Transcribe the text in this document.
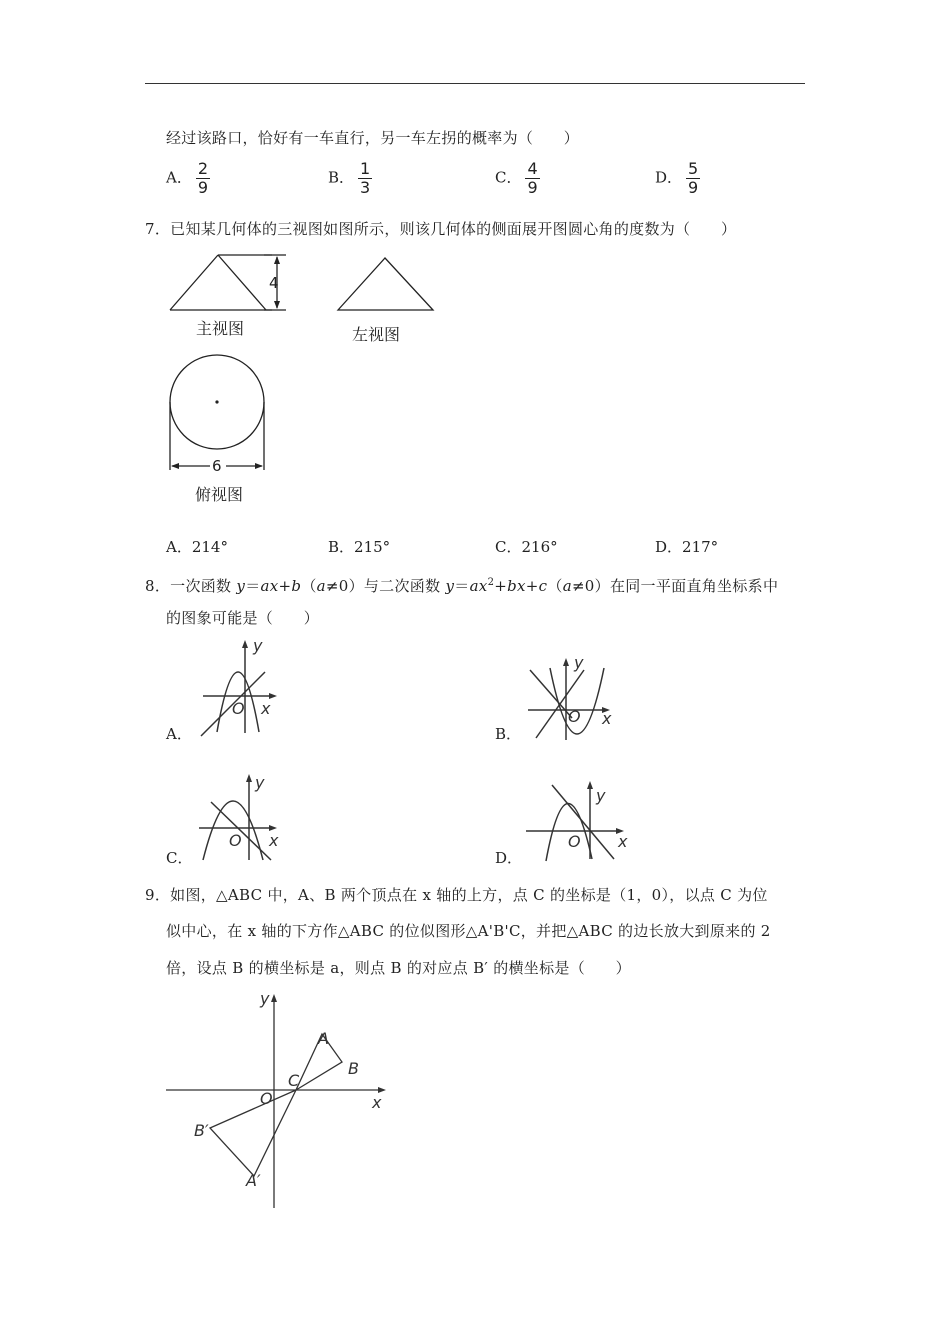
经过该路口，恰好有一车直行，另一车左拐的概率为（　　）
A． $\frac{2}{9}$	B． $\frac{1}{3}$	C． $\frac{4}{9}$	D． $\frac{5}{9}$
7．已知某几何体的三视图如图所示，则该几何体的侧面展开图圆心角的度数为（　　）
4
主视图	左视图
6
俯视图
A．214°	B．215°	C．216°	D．217°
8．一次函数 y＝ax+b（a≠0）与二次函数 $y=ax^2+bx+c(a\ne 0)$在同一平面直角坐标系中
的图象可能是（　　）
A．
y
x
O
B．
y
x
O
C．
y
x
O
D．
y
x
O
9．如图，△ABC 中，A、B 两个顶点在 x 轴的上方，点 C 的坐标是（1，0），以点 C 为位
似中心，在 x 轴的下方作△ABC 的位似图形△A'B'C，并把△ABC 的边长放大到原来的 2
倍，设点 B 的横坐标是 a，则点 B 的对应点 B′ 的横坐标是（　　）
y
x
O
C
A
B
B′
A′
